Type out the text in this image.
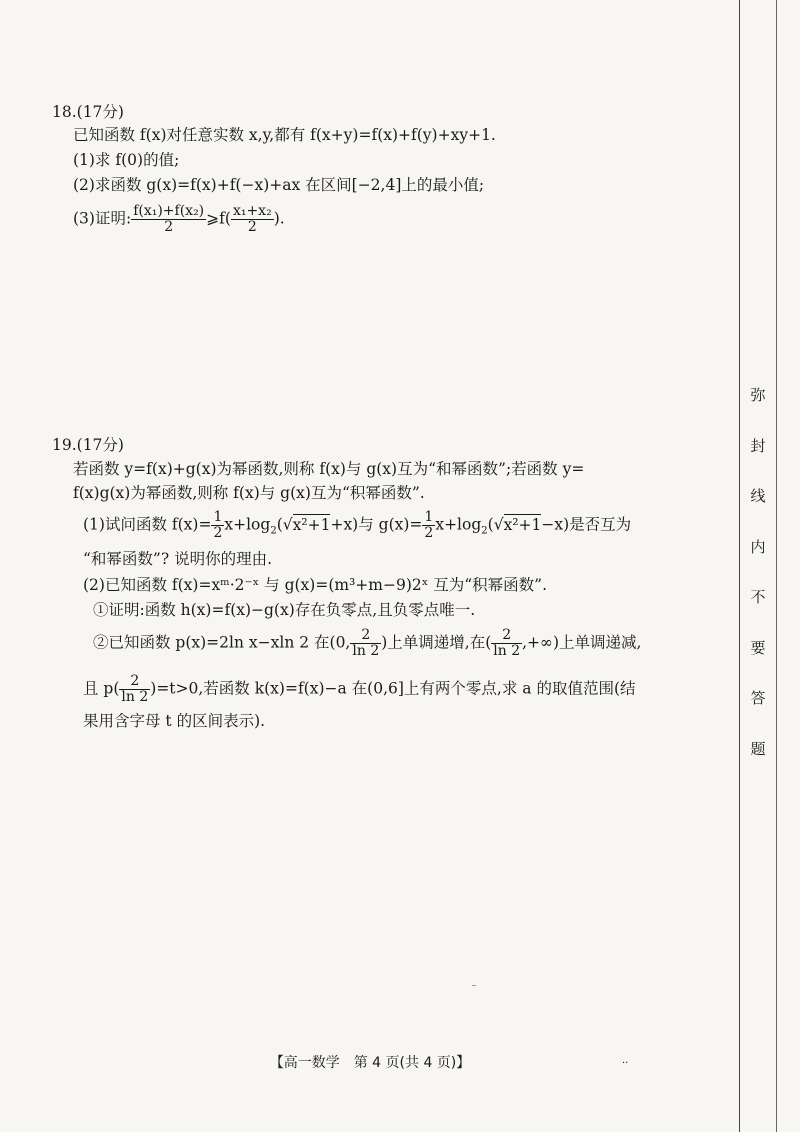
弥
封
线
内
不
要
答
题
18.(17分)
已知函数 f(x)对任意实数 x,y,都有 f(x+y)=f(x)+f(y)+xy+1.
(1)求 f(0)的值;
(2)求函数 g(x)=f(x)+f(−x)+ax 在区间[−2,4]上的最小值;
(3)证明: $\frac{\text{f(x₁)+f(x₂)}}{2}$ ⩾f( $\frac{\text{x₁+x₂}}{2}$ ).
19.(17分)
若函数 y=f(x)+g(x)为幂函数,则称 f(x)与 g(x)互为“和幂函数”;若函数 y=
f(x)g(x)为幂函数,则称 f(x)与 g(x)互为“积幂函数”.
(1)试问函数 $f(x)= \frac{1}{2} x+\log_2(√x^2+1+x)$与 $g(x)= \frac{1}{2} x+\log_2(√x^2+1-x)$是否互为
“和幂函数”? 说明你的理由.
(2)已知函数 f(x)=xᵐ·2⁻ˣ 与 g(x)=(m³+m−9)2ˣ 互为“积幂函数”.
①证明:函数 h(x)=f(x)−g(x)存在负零点,且负零点唯一.
②已知函数 p(x)=2ln x−xln 2 在(0, $\frac{2}{\ln 2}$ )上单调递增,在( $\frac{2}{\ln 2}$ ,+∞)上单调递减,
且 $p( \frac{2}{\ln 2} )=t>0$,若函数 k(x)=f(x)−a 在(0,6]上有两个零点,求 a 的取值范围(结
果用含字母 t 的区间表示).
【高一数学　第 4 页(共 4 页)】	··
